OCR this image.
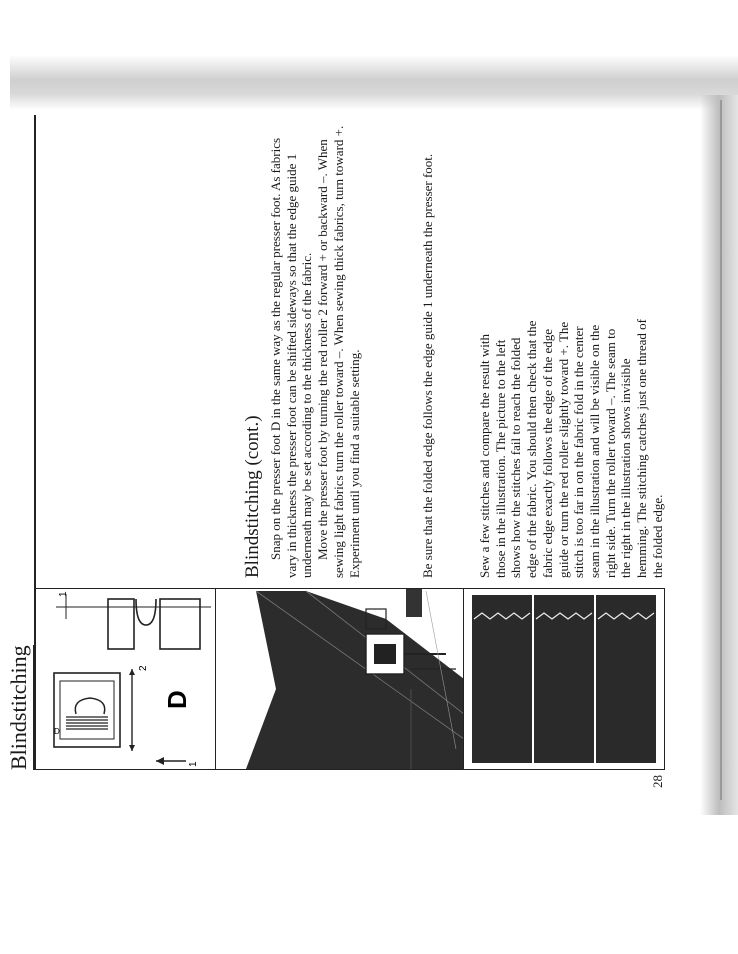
Blindstitching
28
D
2
1
D
1
Blindstitching (cont.) Snap on the presser foot D in the same way as the regular presser foot. As fabrics vary in thickness the presser foot can be shifted sideways so that the edge guide 1 underneath may be set according to the thickness of the fabric. Move the presser foot by turning the red roller 2 forward + or backward –. When sewing light fabrics turn the roller toward –. When sewing thick fabrics, turn toward +. Experiment until you find a suitable setting.	Be sure that the folded edge follows the edge guide 1 underneath the presser foot.	Sew a few stitches and compare the result with those in the illustration. The picture to the left shows how the stitches fail to reach the folded edge of the fabric. You should then check that the fabric edge exactly follows the edge of the edge guide or turn the red roller slightly toward +. The stitch is too far in on the fabric fold in the center seam in the illustration and will be visible on the right side. Turn the roller toward –. The seam to the right in the illustration shows invisible hemming. The stitching catches just one thread of the folded edge.
